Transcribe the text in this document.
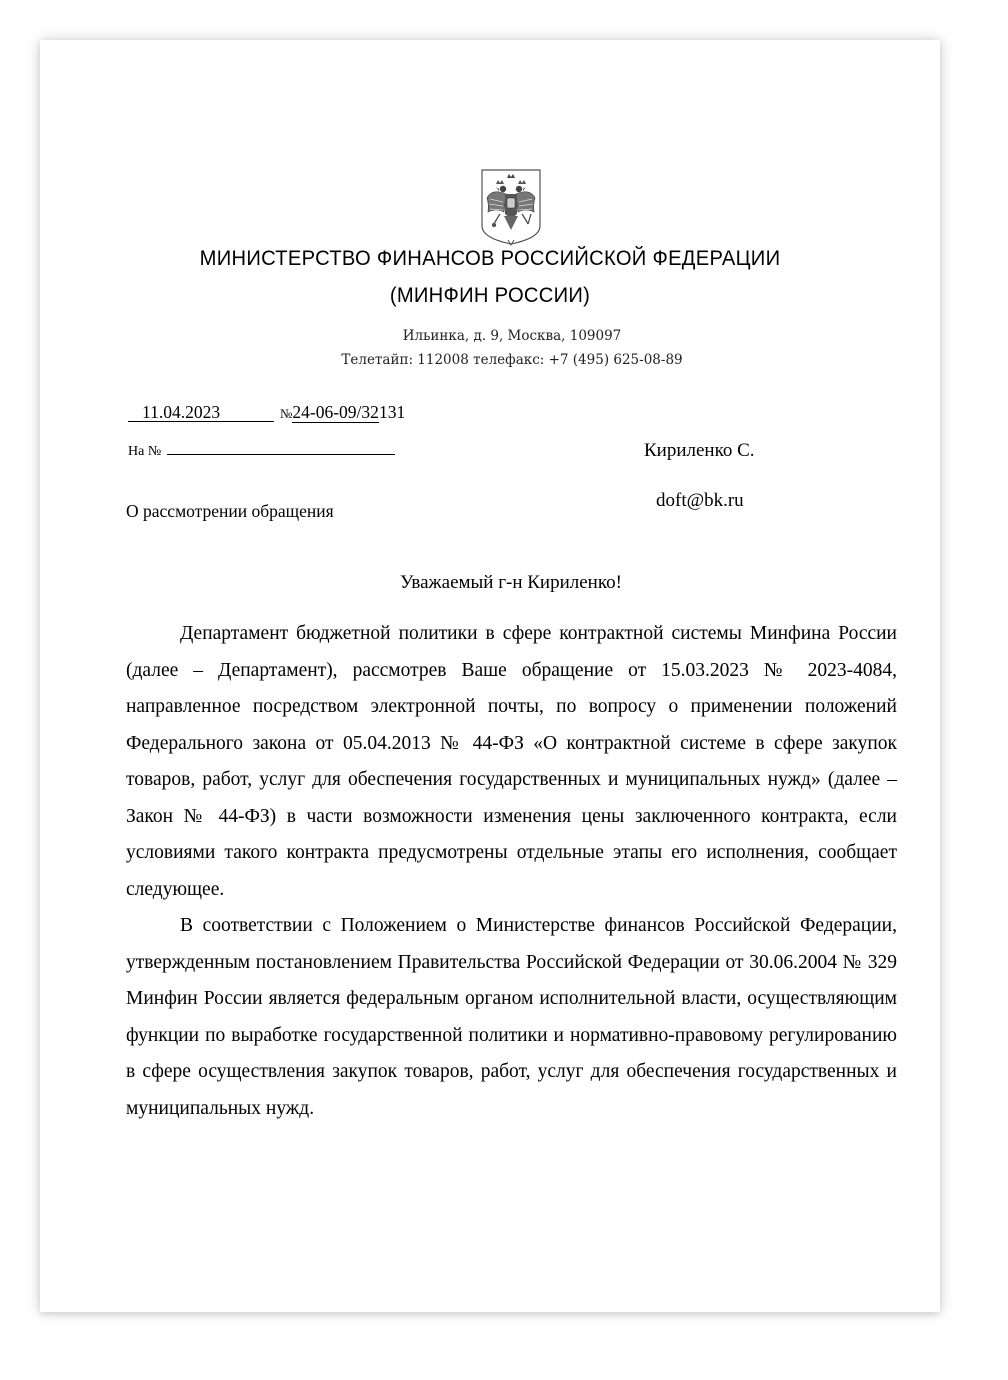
МИНИСТЕРСТВО ФИНАНСОВ РОССИЙСКОЙ ФЕДЕРАЦИИ
(МИНФИН РОССИИ)
Ильинка, д. 9, Москва, 109097
Телетайп: 112008 телефакс: +7 (495) 625-08-89
11.04.2023	№24-06-09/32131
На №	Кириленко С.
doft@bk.ru
О рассмотрении обращения
Уважаемый г-н Кириленко!

Департамент бюджетной политики в сфере контрактной системы Минфина России (далее – Департамент), рассмотрев Ваше обращение от 15.03.2023 № 2023-4084, направленное посредством электронной почты, по вопросу о применении положений Федерального закона от 05.04.2013 № 44-ФЗ «О контрактной системе в сфере закупок товаров, работ, услуг для обеспечения государственных и муниципальных нужд» (далее – Закон № 44-ФЗ) в части возможности изменения цены заключенного контракта, если условиями такого контракта предусмотрены отдельные этапы его исполнения, сообщает следующее.

В соответствии с Положением о Министерстве финансов Российской Федерации, утвержденным постановлением Правительства Российской Федерации от 30.06.2004 № 329 Минфин России является федеральным органом исполнительной власти, осуществляющим функции по выработке государственной политики и нормативно-правовому регулированию в сфере осуществления закупок товаров, работ, услуг для обеспечения государственных и муниципальных нужд.
